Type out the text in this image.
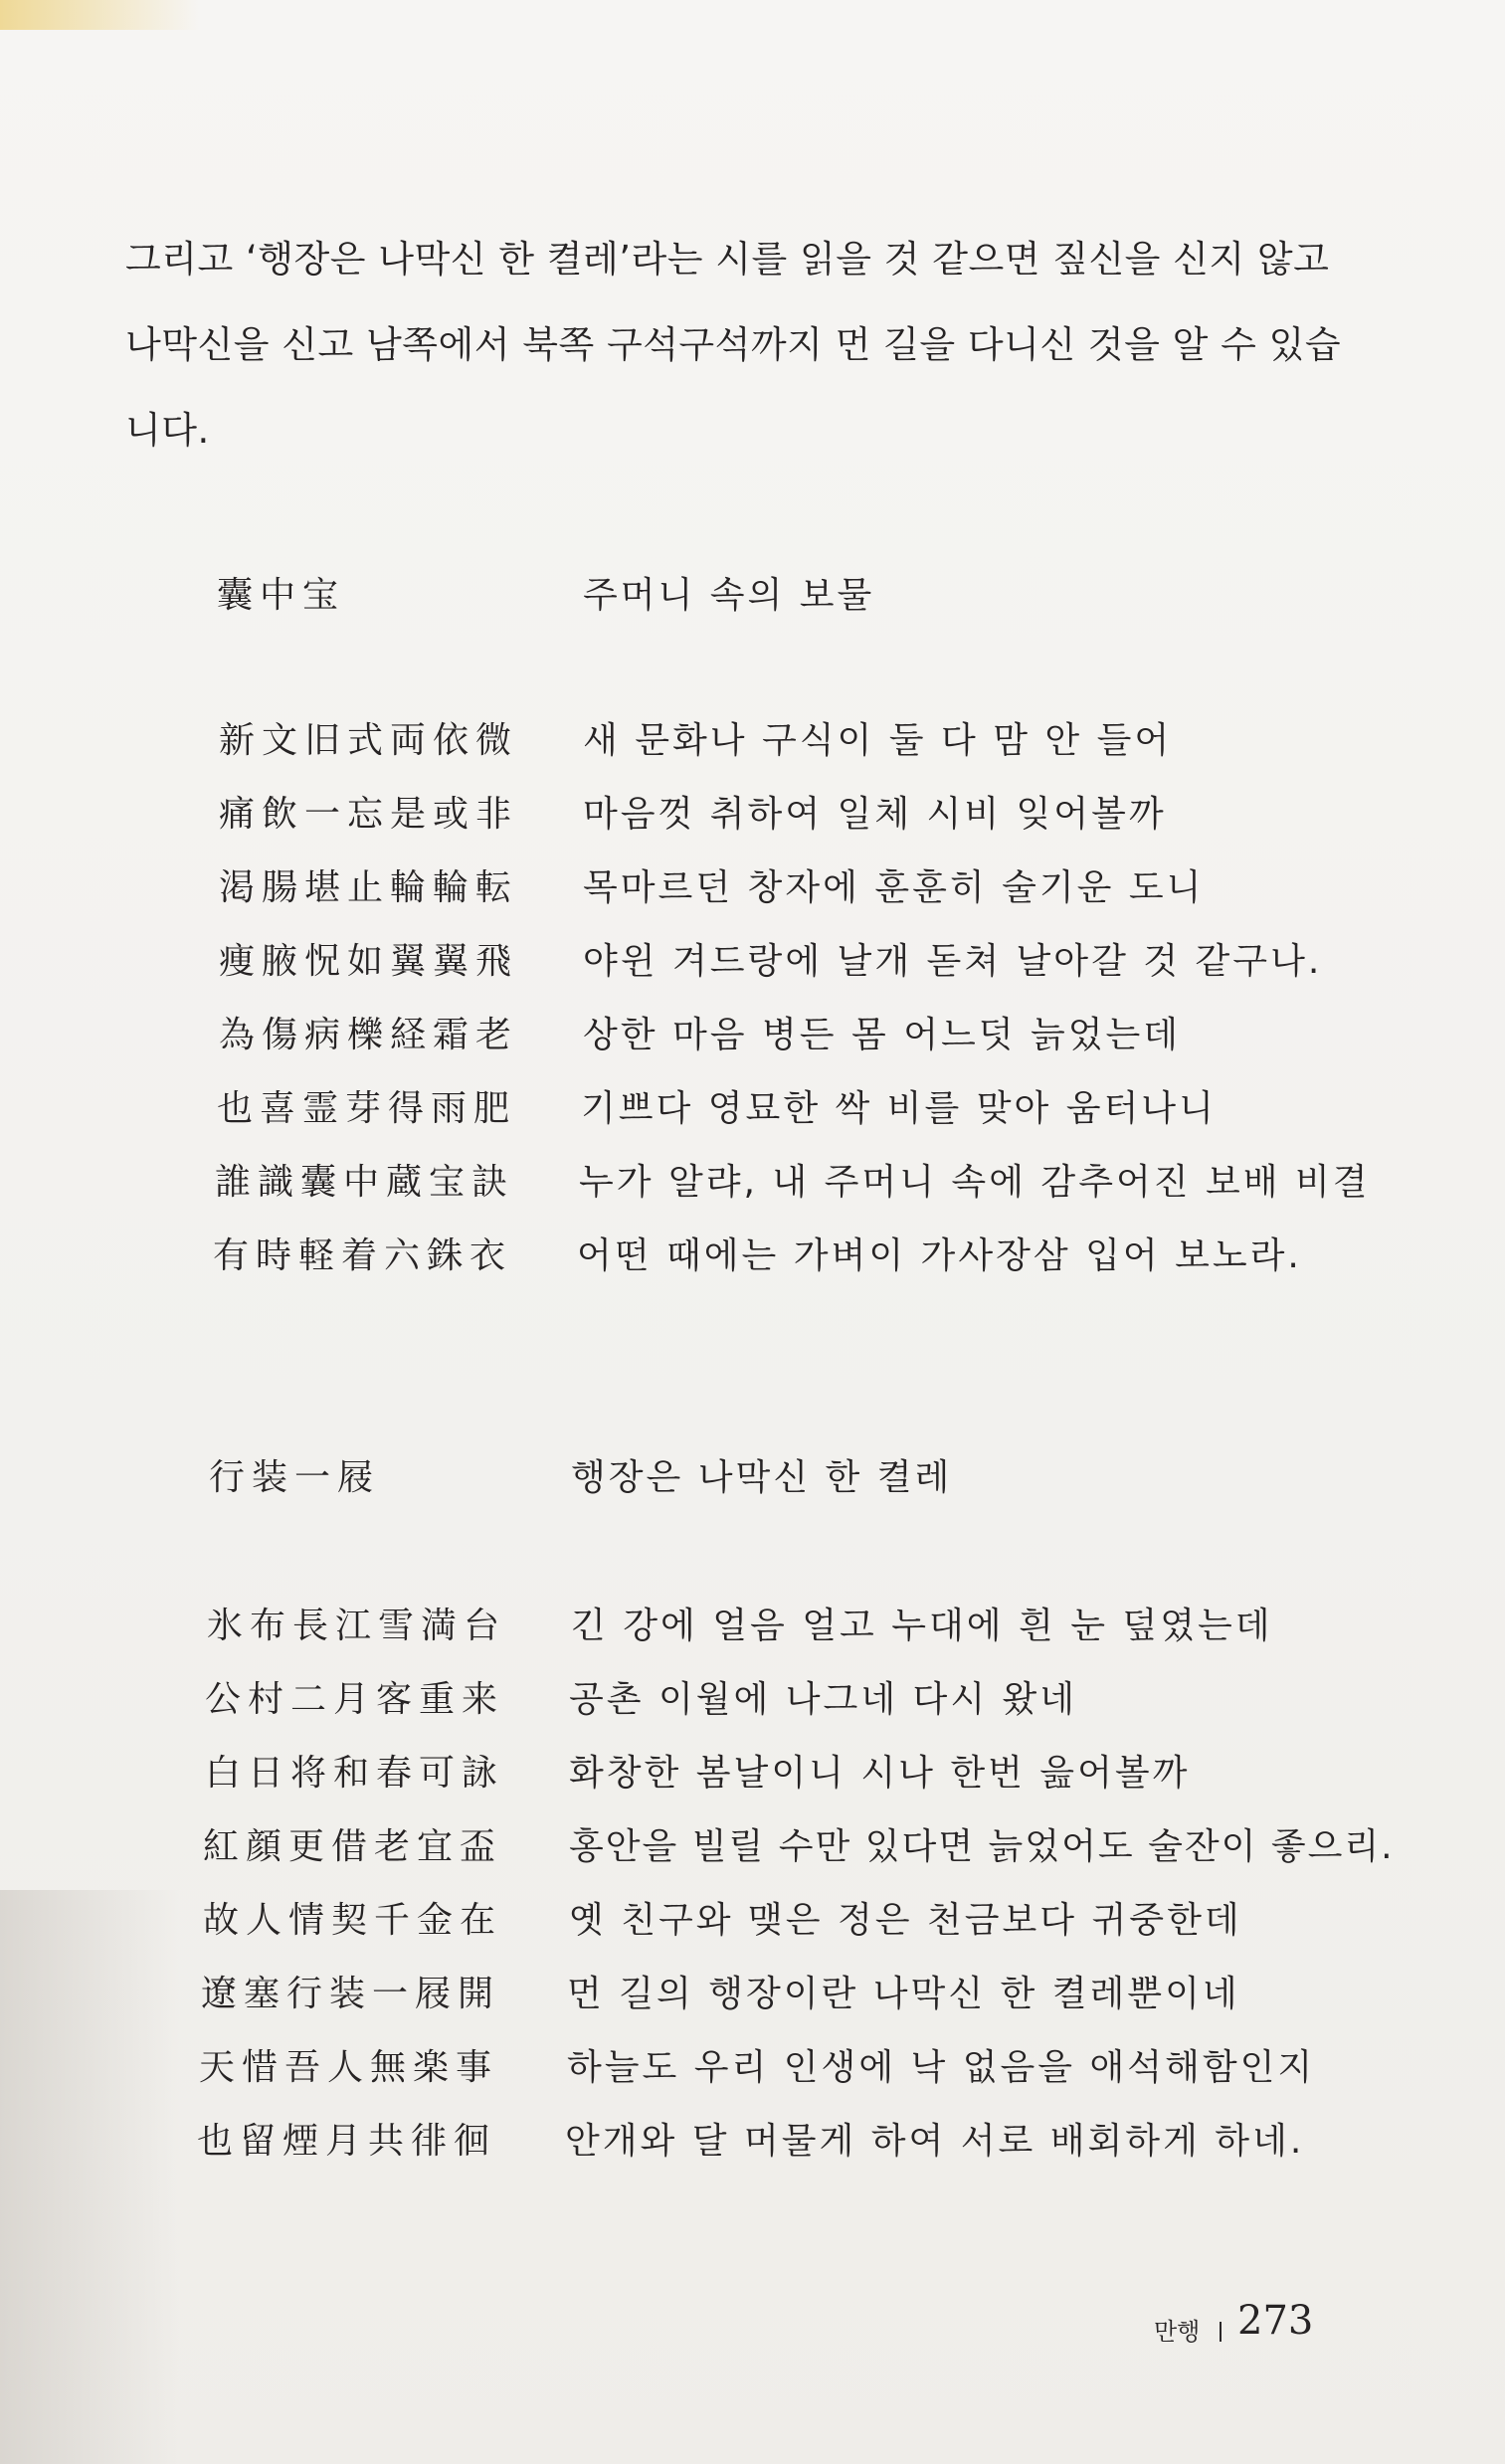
그리고 ‘행장은 나막신 한 켤레’라는 시를 읽을 것 같으면 짚신을 신지 않고 나막신을 신고 남쪽에서 북쪽 구석구석까지 먼 길을 다니신 것을 알 수 있습니다.

囊中宝	주머니 속의 보물
新文旧式両依微 새 문화나 구식이 둘 다 맘 안 들어
痛飲一忘是或非 마음껏 취하여 일체 시비 잊어볼까
渇腸堪止輪輪転 목마르던 창자에 훈훈히 술기운 도니
痩腋怳如翼翼飛 야윈 겨드랑에 날개 돋쳐 날아갈 것 같구나.
為傷病櫟経霜老 상한 마음 병든 몸 어느덧 늙었는데
也喜霊芽得雨肥 기쁘다 영묘한 싹 비를 맞아 움터나니
誰識囊中蔵宝訣 누가 알랴, 내 주머니 속에 감추어진 보배 비결
有時軽着六銖衣 어떤 때에는 가벼이 가사장삼 입어 보노라.
行装一屐	행장은 나막신 한 켤레
氷布長江雪満台 긴 강에 얼음 얼고 누대에 흰 눈 덮였는데
公村二月客重来 공촌 이월에 나그네 다시 왔네
白日将和春可詠 화창한 봄날이니 시나 한번 읊어볼까
紅顔更借老宜盃 홍안을 빌릴 수만 있다면 늙었어도 술잔이 좋으리.
故人情契千金在 옛 친구와 맺은 정은 천금보다 귀중한데
遼塞行装一屐開 먼 길의 행장이란 나막신 한 켤레뿐이네
天惜吾人無楽事 하늘도 우리 인생에 낙 없음을 애석해함인지
也留煙月共徘徊 안개와 달 머물게 하여 서로 배회하게 하네.
만행 273
